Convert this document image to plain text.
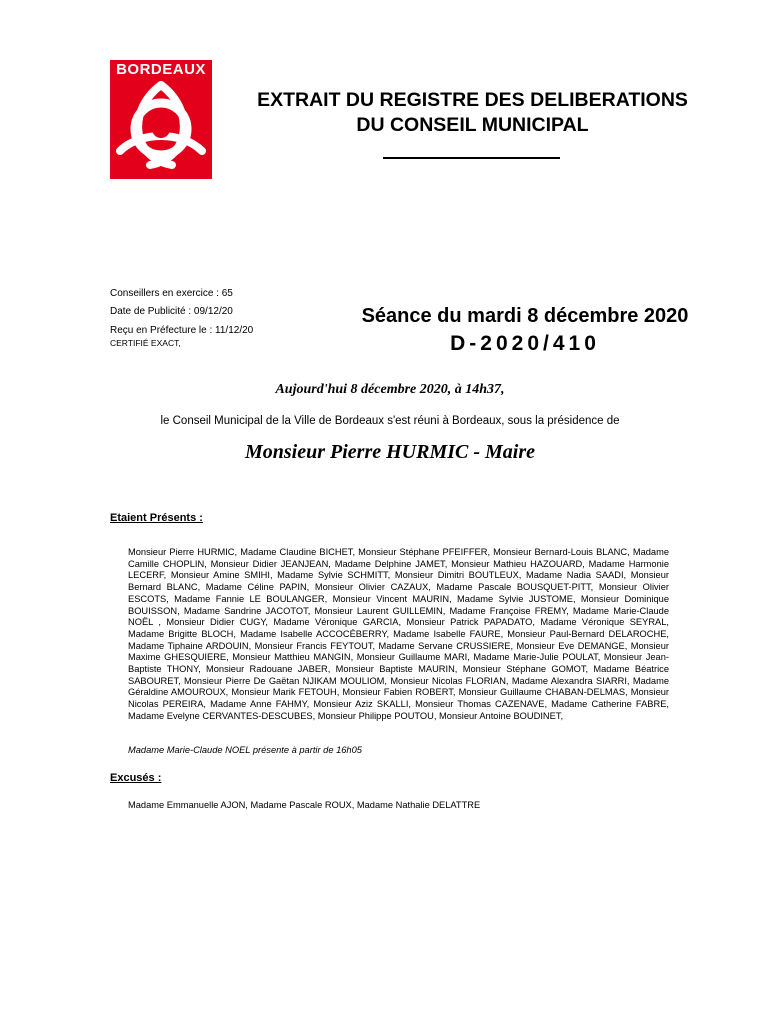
BORDEAUX
EXTRAIT DU REGISTRE DES DELIBERATIONS
DU CONSEIL MUNICIPAL
Conseillers en exercice : 65
Date de Publicité : 09/12/20
Reçu en Préfecture le : 11/12/20
CERTIFIÉ EXACT,
Séance du mardi 8 décembre 2020
D-2020/410
Aujourd'hui 8 décembre 2020, à 14h37,
le Conseil Municipal de la Ville de Bordeaux s'est réuni à Bordeaux, sous la présidence de
Monsieur Pierre HURMIC - Maire
Etaient Présents :

Monsieur Pierre HURMIC, Madame Claudine BICHET, Monsieur Stéphane PFEIFFER, Monsieur Bernard-Louis BLANC, Madame Camille CHOPLIN, Monsieur Didier JEANJEAN, Madame Delphine JAMET, Monsieur Mathieu HAZOUARD, Madame Harmonie LECERF, Monsieur Amine SMIHI, Madame Sylvie SCHMITT, Monsieur Dimitri BOUTLEUX, Madame Nadia SAADI, Monsieur Bernard BLANC, Madame Céline PAPIN, Monsieur Olivier CAZAUX, Madame Pascale BOUSQUET-PITT, Monsieur Olivier ESCOTS, Madame Fannie LE BOULANGER, Monsieur Vincent MAURIN, Madame Sylvie JUSTOME, Monsieur Dominique BOUISSON, Madame Sandrine JACOTOT, Monsieur Laurent GUILLEMIN, Madame Françoise FREMY, Madame Marie-Claude NOËL , Monsieur Didier CUGY, Madame Véronique GARCIA, Monsieur Patrick PAPADATO, Madame Véronique SEYRAL, Madame Brigitte BLOCH, Madame Isabelle ACCOCÉBERRY, Madame Isabelle FAURE, Monsieur Paul-Bernard DELAROCHE, Madame Tiphaine ARDOUIN, Monsieur Francis FEYTOUT, Madame Servane CRUSSIERE, Monsieur Eve DEMANGE, Monsieur Maxime GHESQUIERE, Monsieur Matthieu MANGIN, Monsieur Guillaume MARI, Madame Marie-Julie POULAT, Monsieur Jean-Baptiste THONY, Monsieur Radouane JABER, Monsieur Baptiste MAURIN, Monsieur Stéphane GOMOT, Madame Béatrice SABOURET, Monsieur Pierre De Gaëtan NJIKAM MOULIOM, Monsieur Nicolas FLORIAN, Madame Alexandra SIARRI, Madame Géraldine AMOUROUX, Monsieur Marik FETOUH, Monsieur Fabien ROBERT, Monsieur Guillaume CHABAN-DELMAS, Monsieur Nicolas PEREIRA, Madame Anne FAHMY, Monsieur Aziz SKALLI, Monsieur Thomas CAZENAVE, Madame Catherine FABRE, Madame Evelyne CERVANTES-DESCUBES, Monsieur Philippe POUTOU, Monsieur Antoine BOUDINET,

Madame Marie-Claude NOEL présente à partir de 16h05
Excusés :
Madame Emmanuelle AJON, Madame Pascale ROUX, Madame Nathalie DELATTRE
